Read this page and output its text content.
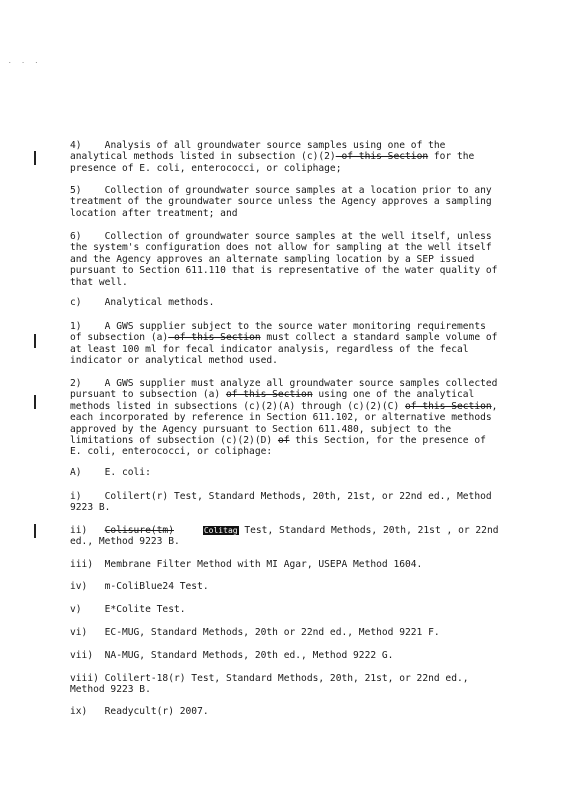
. . .

4)    Analysis of all groundwater source samples using one of the analytical methods listed in subsection (c)(2) of this Section for the presence of E. coli, enterococci, or coliphage;

5)    Collection of groundwater source samples at a location prior to any treatment of the groundwater source unless the Agency approves a sampling location after treatment; and

6)    Collection of groundwater source samples at the well itself, unless the system's configuration does not allow for sampling at the well itself and the Agency approves an alternate sampling location by a SEP issued pursuant to Section 611.110 that is representative of the water quality of that well.

c)    Analytical methods.

1)    A GWS supplier subject to the source water monitoring requirements of subsection (a) of this Section must collect a standard sample volume of at least 100 ml for fecal indicator analysis, regardless of the fecal indicator or analytical method used.

2)    A GWS supplier must analyze all groundwater source samples collected pursuant to subsection (a) of this Section using one of the analytical methods listed in subsections (c)(2)(A) through (c)(2)(C) of this Section, each incorporated by reference in Section 611.102, or alternative methods approved by the Agency pursuant to Section 611.480, subject to the limitations of subsection (c)(2)(D) of this Section, for the presence of E. coli, enterococci, or coliphage:

A)    E. coli:

i)    Colilert(r) Test, Standard Methods, 20th, 21st, or 22nd ed., Method 9223 B.

ii) Colisure(tm)	Colitag Test, Standard Methods, 20th, 21st , or 22nd ed., Method 9223 B.

iii)  Membrane Filter Method with MI Agar, USEPA Method 1604.

iv)   m-ColiBlue24 Test.

v)    E*Colite Test.

vi)   EC-MUG, Standard Methods, 20th or 22nd ed., Method 9221 F.

vii)  NA-MUG, Standard Methods, 20th ed., Method 9222 G.

viii) Colilert-18(r) Test, Standard Methods, 20th, 21st, or 22nd ed., Method 9223 B.

ix)   Readycult(r) 2007.
